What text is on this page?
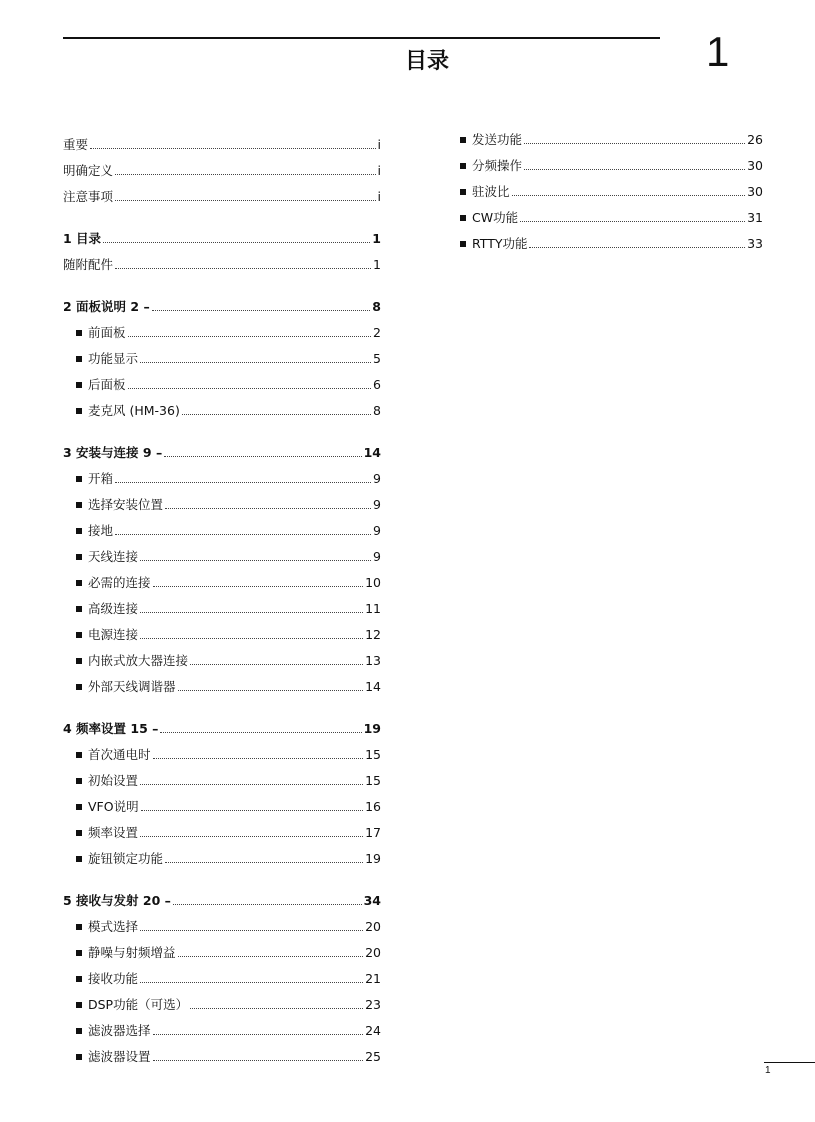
目录	1
重要	i
明确定义	i
注意事项	i
1 目录	1
随附配件	1
2 面板说明 2 –	8
前面板	2
功能显示	5
后面板	6
麦克风 (HM-36)	8
3 安装与连接 9 –	14
开箱	9
选择安装位置	9
接地	9
天线连接	9
必需的连接	10
高级连接	11
电源连接	12
内嵌式放大器连接	13
外部天线调谐器	14
4 频率设置 15 –	19
首次通电时	15
初始设置	15
VFO说明	16
频率设置	17
旋钮锁定功能	19
5 接收与发射 20 –	34
模式选择	20
静噪与射频增益	20
接收功能	21
DSP功能（可选）	23
滤波器选择	24
滤波器设置	25
发送功能	26
分频操作	30
驻波比	30
CW功能	31
RTTY功能	33
1
